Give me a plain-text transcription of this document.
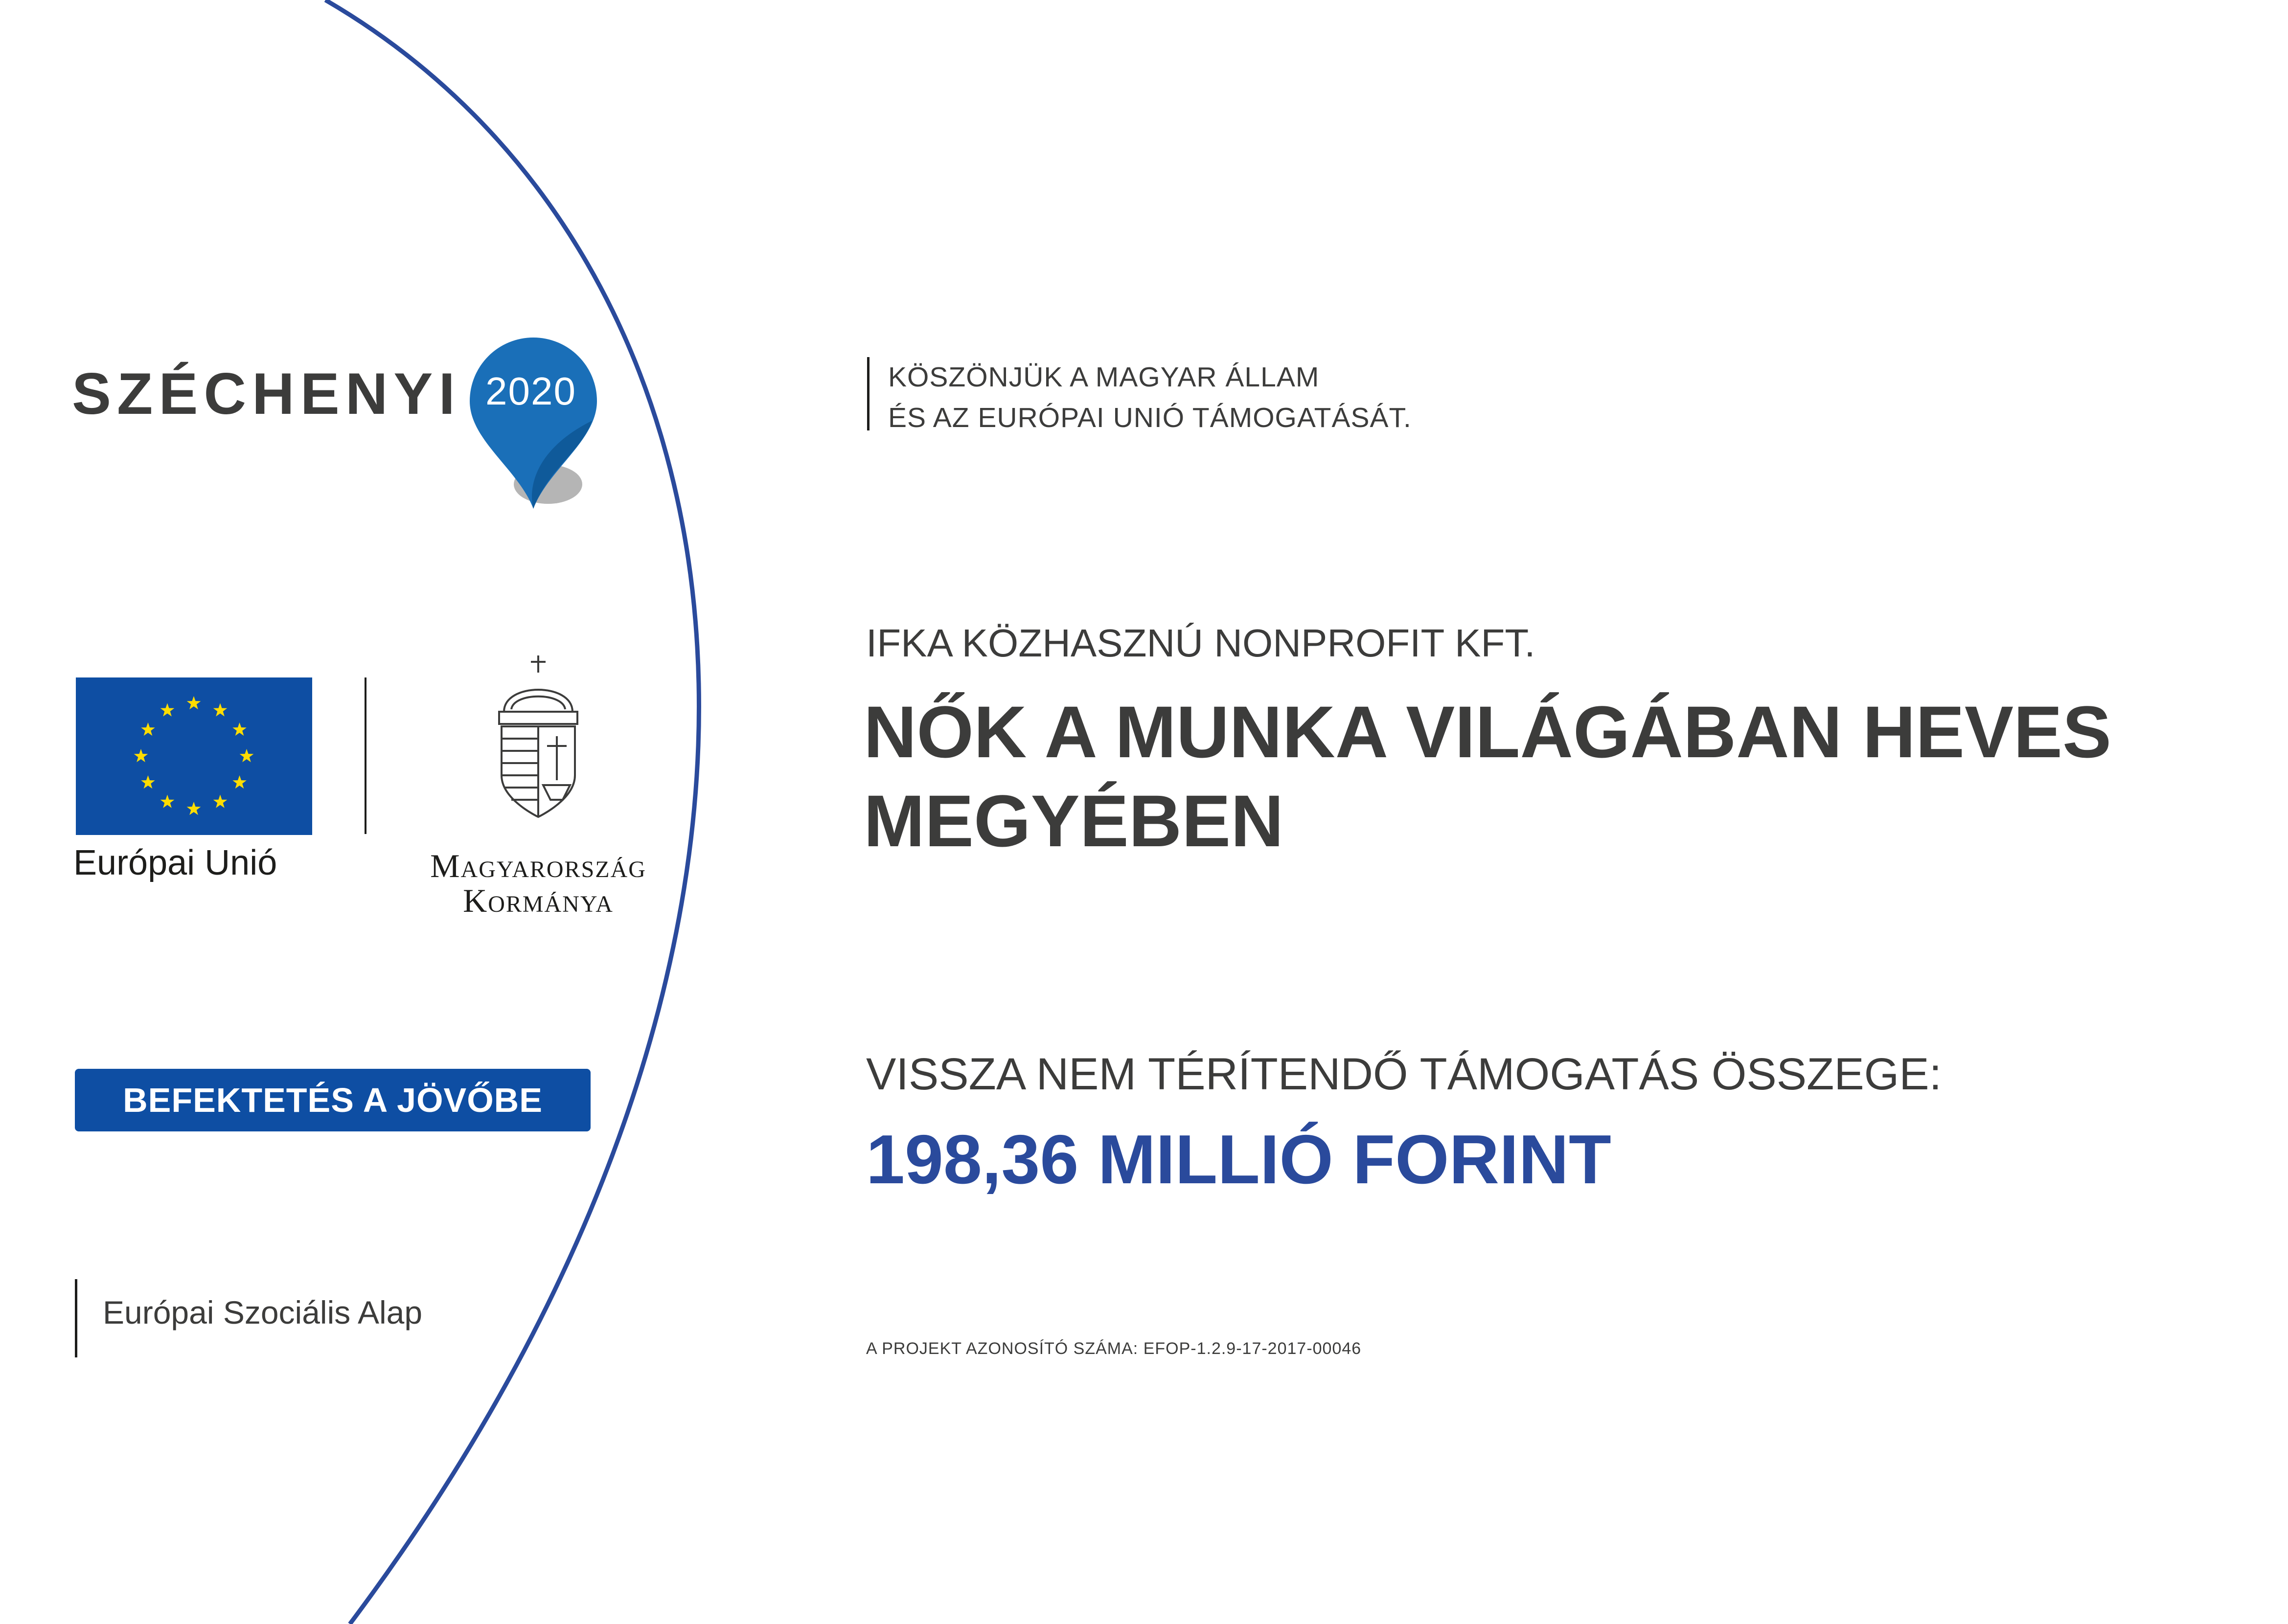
SZÉCHENYI 2020
Európai Unió	Magyarország
Kormánya
BEFEKTETÉS A JÖVŐBE
Európai Szociális Alap
KÖSZÖNJÜK A MAGYAR ÁLLAM
ÉS AZ EURÓPAI UNIÓ TÁMOGATÁSÁT.
IFKA KÖZHASZNÚ NONPROFIT KFT.
NŐK A MUNKA VILÁGÁBAN HEVES
MEGYÉBEN
VISSZA NEM TÉRÍTENDŐ TÁMOGATÁS ÖSSZEGE:
198,36 MILLIÓ FORINT
A PROJEKT AZONOSÍTÓ SZÁMA: EFOP-1.2.9-17-2017-00046
